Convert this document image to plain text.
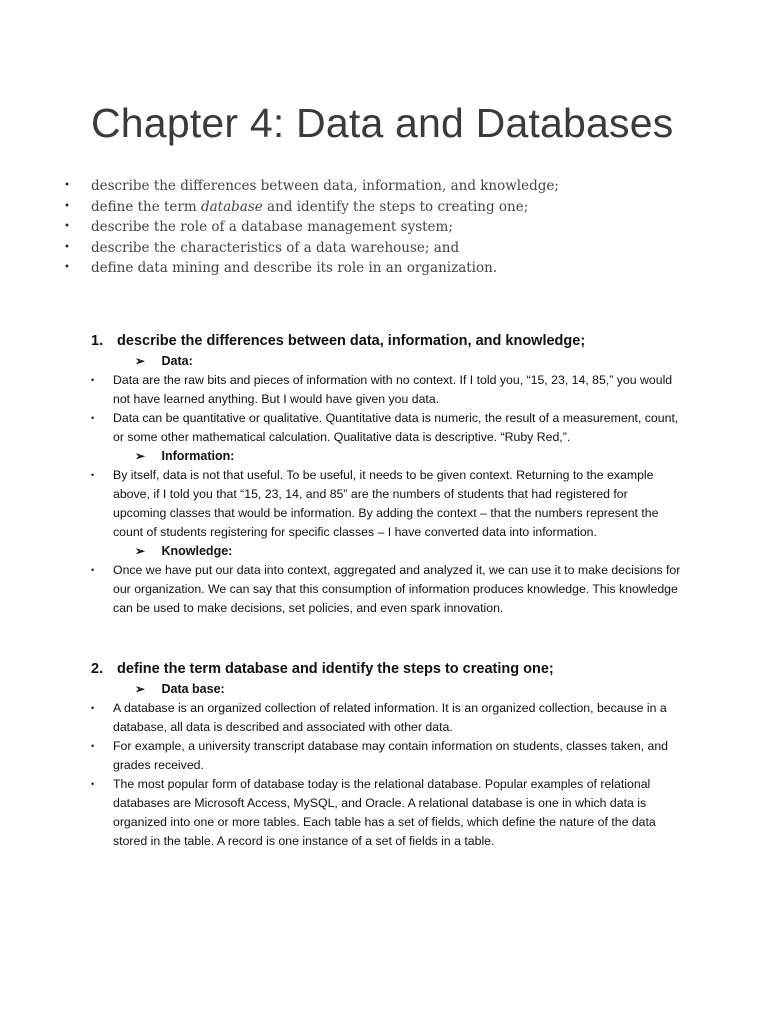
Chapter 4: Data and Databases
•	describe the differences between data, information, and knowledge;
•	define the term database and identify the steps to creating one;
•	describe the role of a database management system;
•	describe the characteristics of a data warehouse; and
•	define data mining and describe its role in an organization.
1. describe the differences between data, information, and knowledge;
➢ Data:
•	Data are the raw bits and pieces of information with no context. If I told you, “15, 23, 14, 85,” you would not have learned anything. But I would have given you data.
•	Data can be quantitative or qualitative. Quantitative data is numeric, the result of a measurement, count, or some other mathematical calculation. Qualitative data is descriptive. “Ruby Red,”.
➢ Information:
•	By itself, data is not that useful. To be useful, it needs to be given context. Returning to the example above, if I told you that “15, 23, 14, and 85” are the numbers of students that had registered for upcoming classes that would be information. By adding the context – that the numbers represent the count of students registering for specific classes – I have converted data into information.
➢ Knowledge:
•	Once we have put our data into context, aggregated and analyzed it, we can use it to make decisions for our organization. We can say that this consumption of information produces knowledge. This knowledge can be used to make decisions, set policies, and even spark innovation.
2. define the term database and identify the steps to creating one;
➢ Data base:
•	A database is an organized collection of related information. It is an organized collection, because in a database, all data is described and associated with other data.
•	For example, a university transcript database may contain information on students, classes taken, and grades received.
•	The most popular form of database today is the relational database. Popular examples of relational databases are Microsoft Access, MySQL, and Oracle. A relational database is one in which data is organized into one or more tables. Each table has a set of fields, which define the nature of the data stored in the table. A record is one instance of a set of fields in a table.
